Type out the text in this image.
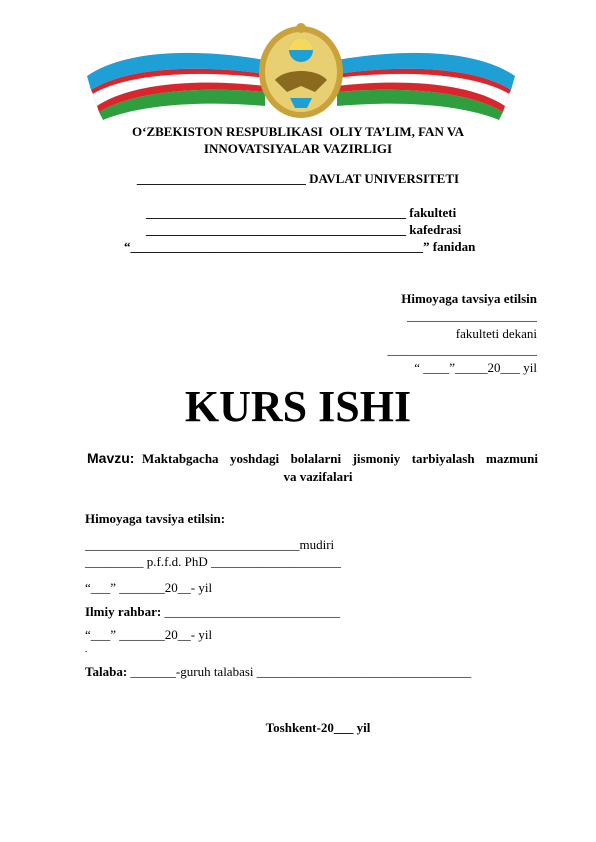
O‘ZBEKISTON RESPUBLIKASI  OLIY TA’LIM, FAN VA
INNOVATSIYALAR VAZIRLIGI
__________________________ DAVLAT UNIVERSITETI
________________________________________ fakulteti
________________________________________ kafedrasi
“_____________________________________________” fanidan
Himoyaga tavsiya etilsin
____________________
fakulteti dekani
_______________________
“ ____”_____20___ yil
KURS ISHI
Mavzu: Maktabgacha yoshdagi bolalarni jismoniy tarbiyalash mazmuni
va vazifalari
Himoyaga tavsiya etilsin:
_________________________________mudiri
_________ p.f.f.d. PhD ____________________
“___” _______20__- yil
Ilmiy rahbar: ___________________________
“___” _______20__- yil
.
Talaba: _______-guruh talabasi _________________________________
Toshkent-20___ yil
